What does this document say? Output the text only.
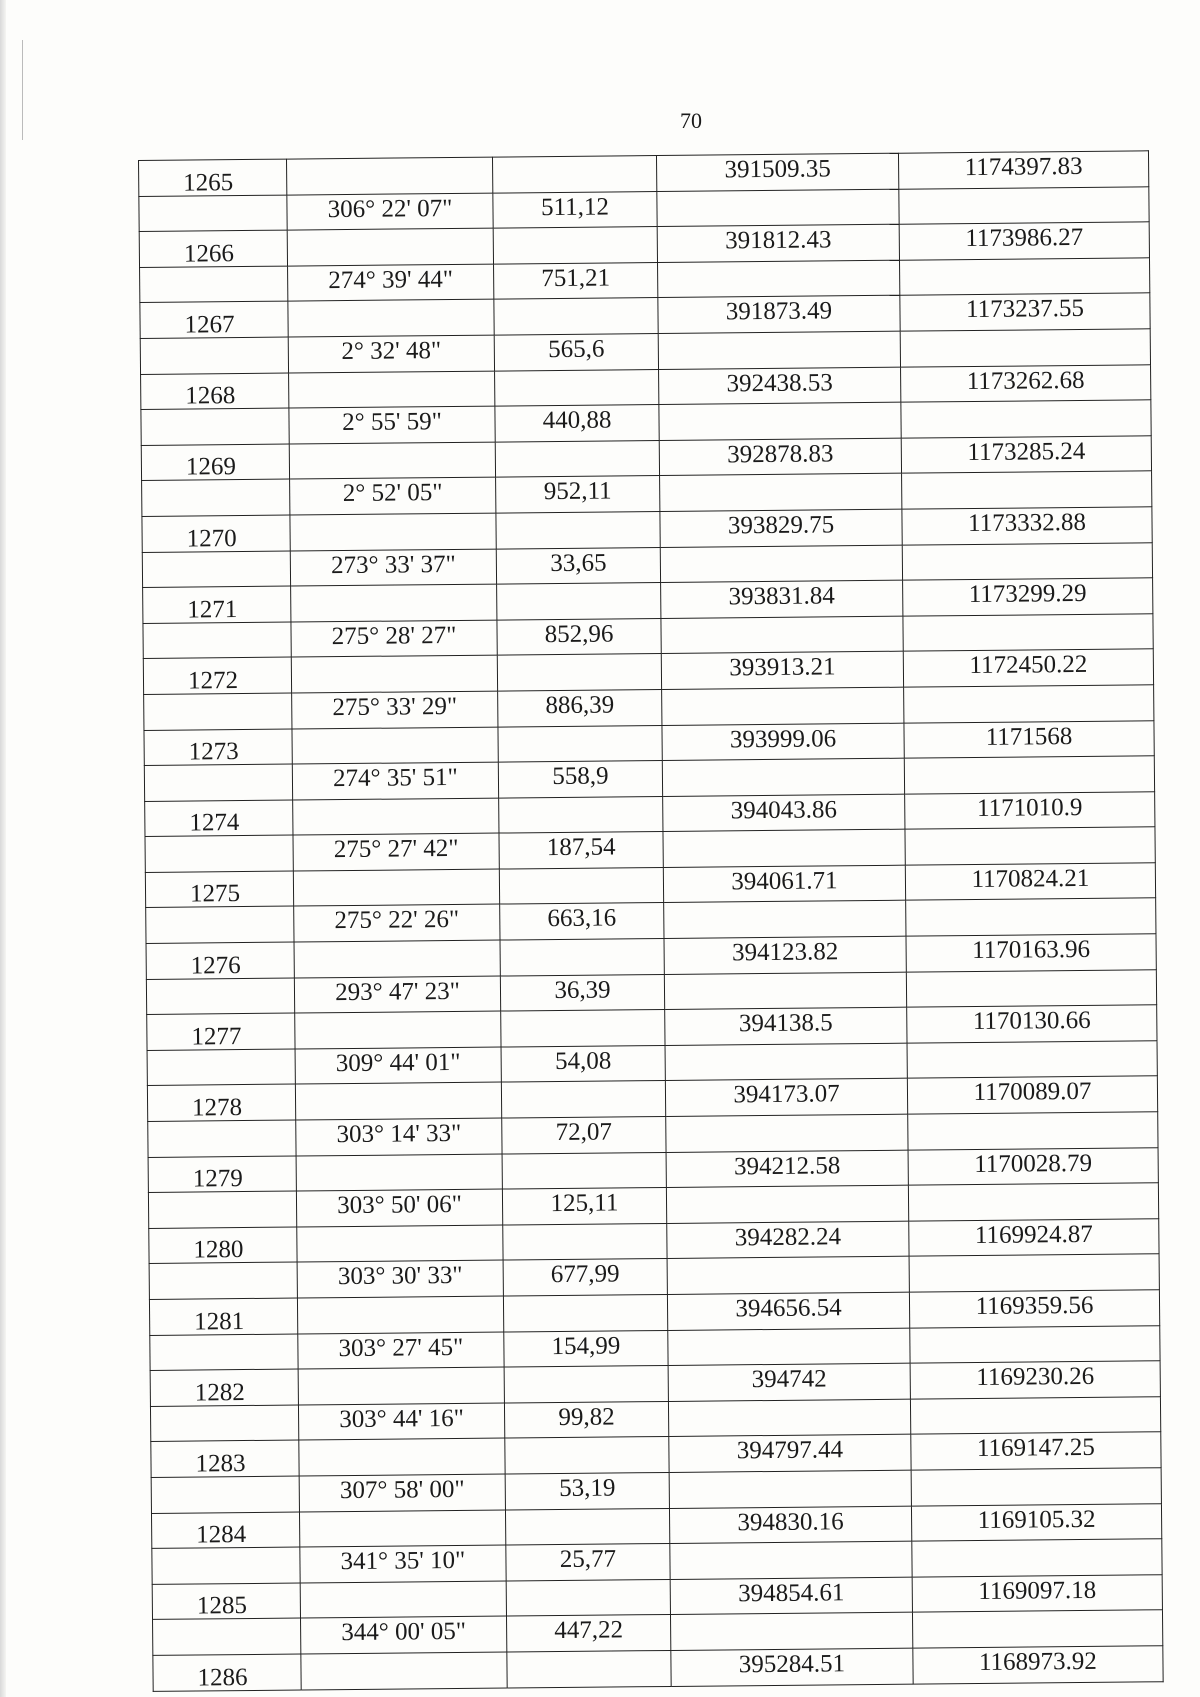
70
1265			391509.35	1174397.83
	306° 22' 07"	511,12		
1266			391812.43	1173986.27
	274° 39' 44"	751,21		
1267			391873.49	1173237.55
	2° 32' 48"	565,6		
1268			392438.53	1173262.68
	2° 55' 59"	440,88		
1269			392878.83	1173285.24
	2° 52' 05"	952,11		
1270			393829.75	1173332.88
	273° 33' 37"	33,65		
1271			393831.84	1173299.29
	275° 28' 27"	852,96		
1272			393913.21	1172450.22
	275° 33' 29"	886,39		
1273			393999.06	1171568
	274° 35' 51"	558,9		
1274			394043.86	1171010.9
	275° 27' 42"	187,54		
1275			394061.71	1170824.21
	275° 22' 26"	663,16		
1276			394123.82	1170163.96
	293° 47' 23"	36,39		
1277			394138.5	1170130.66
	309° 44' 01"	54,08		
1278			394173.07	1170089.07
	303° 14' 33"	72,07		
1279			394212.58	1170028.79
	303° 50' 06"	125,11		
1280			394282.24	1169924.87
	303° 30' 33"	677,99		
1281			394656.54	1169359.56
	303° 27' 45"	154,99		
1282			394742	1169230.26
	303° 44' 16"	99,82		
1283			394797.44	1169147.25
	307° 58' 00"	53,19		
1284			394830.16	1169105.32
	341° 35' 10"	25,77		
1285			394854.61	1169097.18
	344° 00' 05"	447,22		
1286			395284.51	1168973.92
